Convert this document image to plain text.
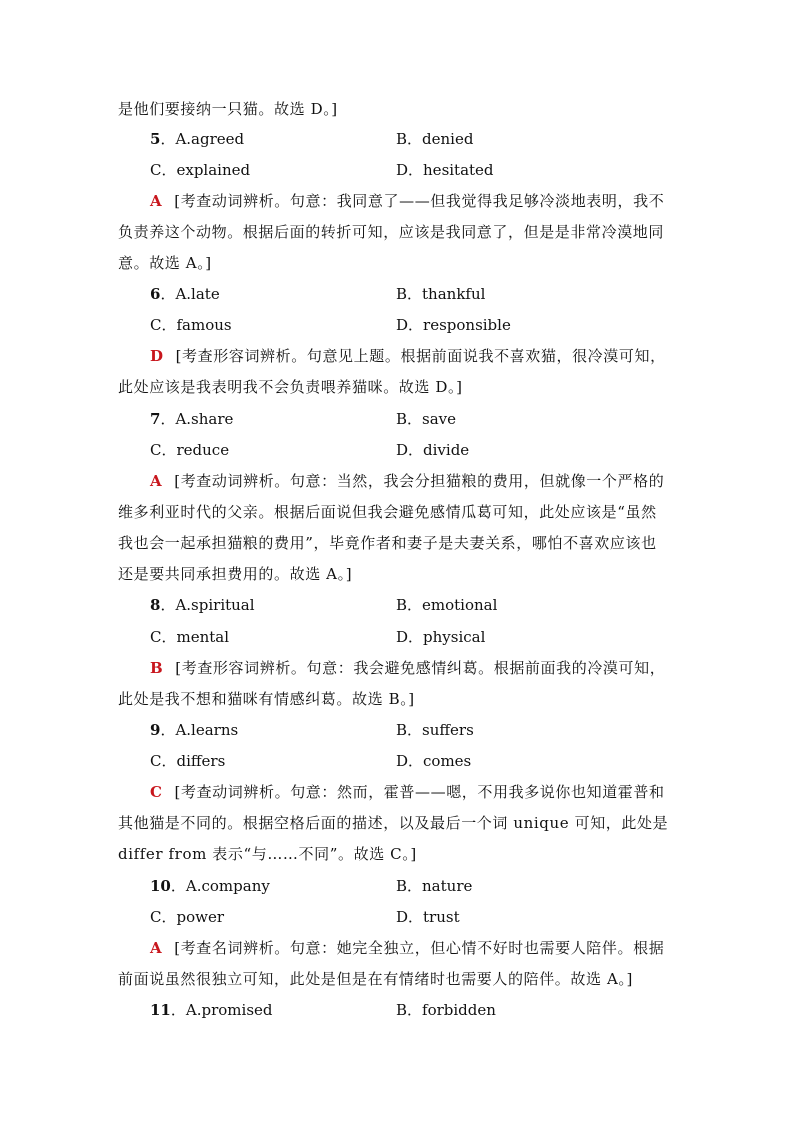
是他们要接纳一只猫。故选 D。]
5．A.agreed	B．denied
C．explained	D．hesitated
A [考查动词辨析。句意：我同意了——但我觉得我足够冷淡地表明，我不
负责养这个动物。根据后面的转折可知，应该是我同意了，但是是非常冷漠地同
意。故选 A。]
6．A.late	B．thankful
C．famous	D．responsible
D [考查形容词辨析。句意见上题。根据前面说我不喜欢猫，很冷漠可知，
此处应该是我表明我不会负责喂养猫咪。故选 D。]
7．A.share	B．save
C．reduce	D．divide
A [考查动词辨析。句意：当然，我会分担猫粮的费用，但就像一个严格的
维多利亚时代的父亲。根据后面说但我会避免感情瓜葛可知，此处应该是“虽然
我也会一起承担猫粮的费用”，毕竟作者和妻子是夫妻关系，哪怕不喜欢应该也
还是要共同承担费用的。故选 A。]
8．A.spiritual	B．emotional
C．mental	D．physical
B [考查形容词辨析。句意：我会避免感情纠葛。根据前面我的冷漠可知，
此处是我不想和猫咪有情感纠葛。故选 B。]
9．A.learns	B．suffers
C．differs	D．comes
C [考查动词辨析。句意：然而，霍普——嗯，不用我多说你也知道霍普和
其他猫是不同的。根据空格后面的描述，以及最后一个词 unique 可知，此处是
differ from 表示“与……不同”。故选 C。]
10．A.company	B．nature
C．power	D．trust
A [考查名词辨析。句意：她完全独立，但心情不好时也需要人陪伴。根据
前面说虽然很独立可知，此处是但是在有情绪时也需要人的陪伴。故选 A。]
11．A.promised	B．forbidden
